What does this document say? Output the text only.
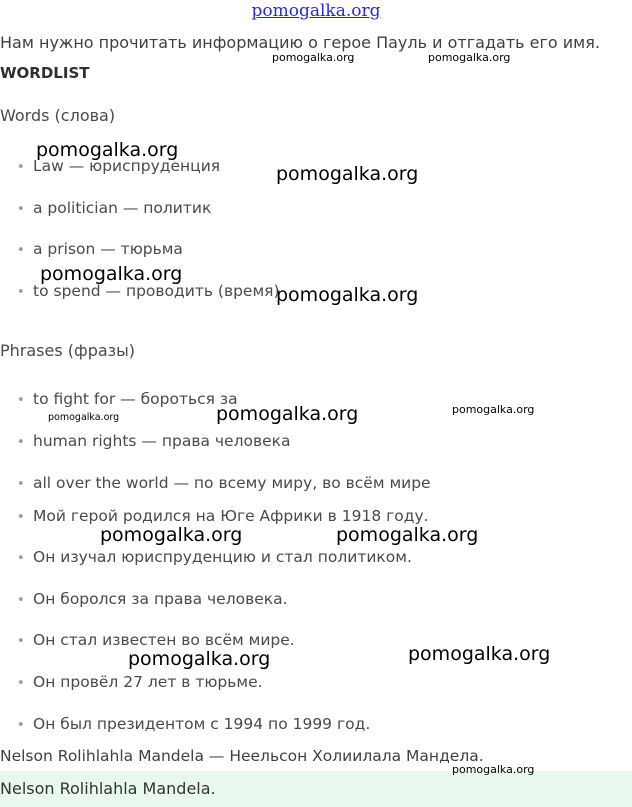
pomogalka.org
Нам нужно прочитать информацию о герое Пауль и отгадать его имя.
WORDLIST
Words (слова)
• Law — юриспруденция
• a politician — политик
• a prison — тюрьма
• to spend — проводить (время)
Phrases (фразы)
• to fight for — бороться за
• human rights — права человека
• all over the world — по всему миру, во всём мире
• Мой герой родился на Юге Африки в 1918 году.
• Он изучал юриспруденцию и стал политиком.
• Он боролся за права человека.
• Он стал известен во всём мире.
• Он провёл 27 лет в тюрьме.
• Он был президентом с 1994 по 1999 год.
Nelson Rolihlahla Mandela — Неельсон Холиилала Мандела.
Nelson Rolihlahla Mandela.
pomogalka.org	pomogalka.org
pomogalka.org
pomogalka.org
pomogalka.org
pomogalka.org
pomogalka.org	pomogalka.org	pomogalka.org
pomogalka.org	pomogalka.org
pomogalka.org	pomogalka.org
pomogalka.org
